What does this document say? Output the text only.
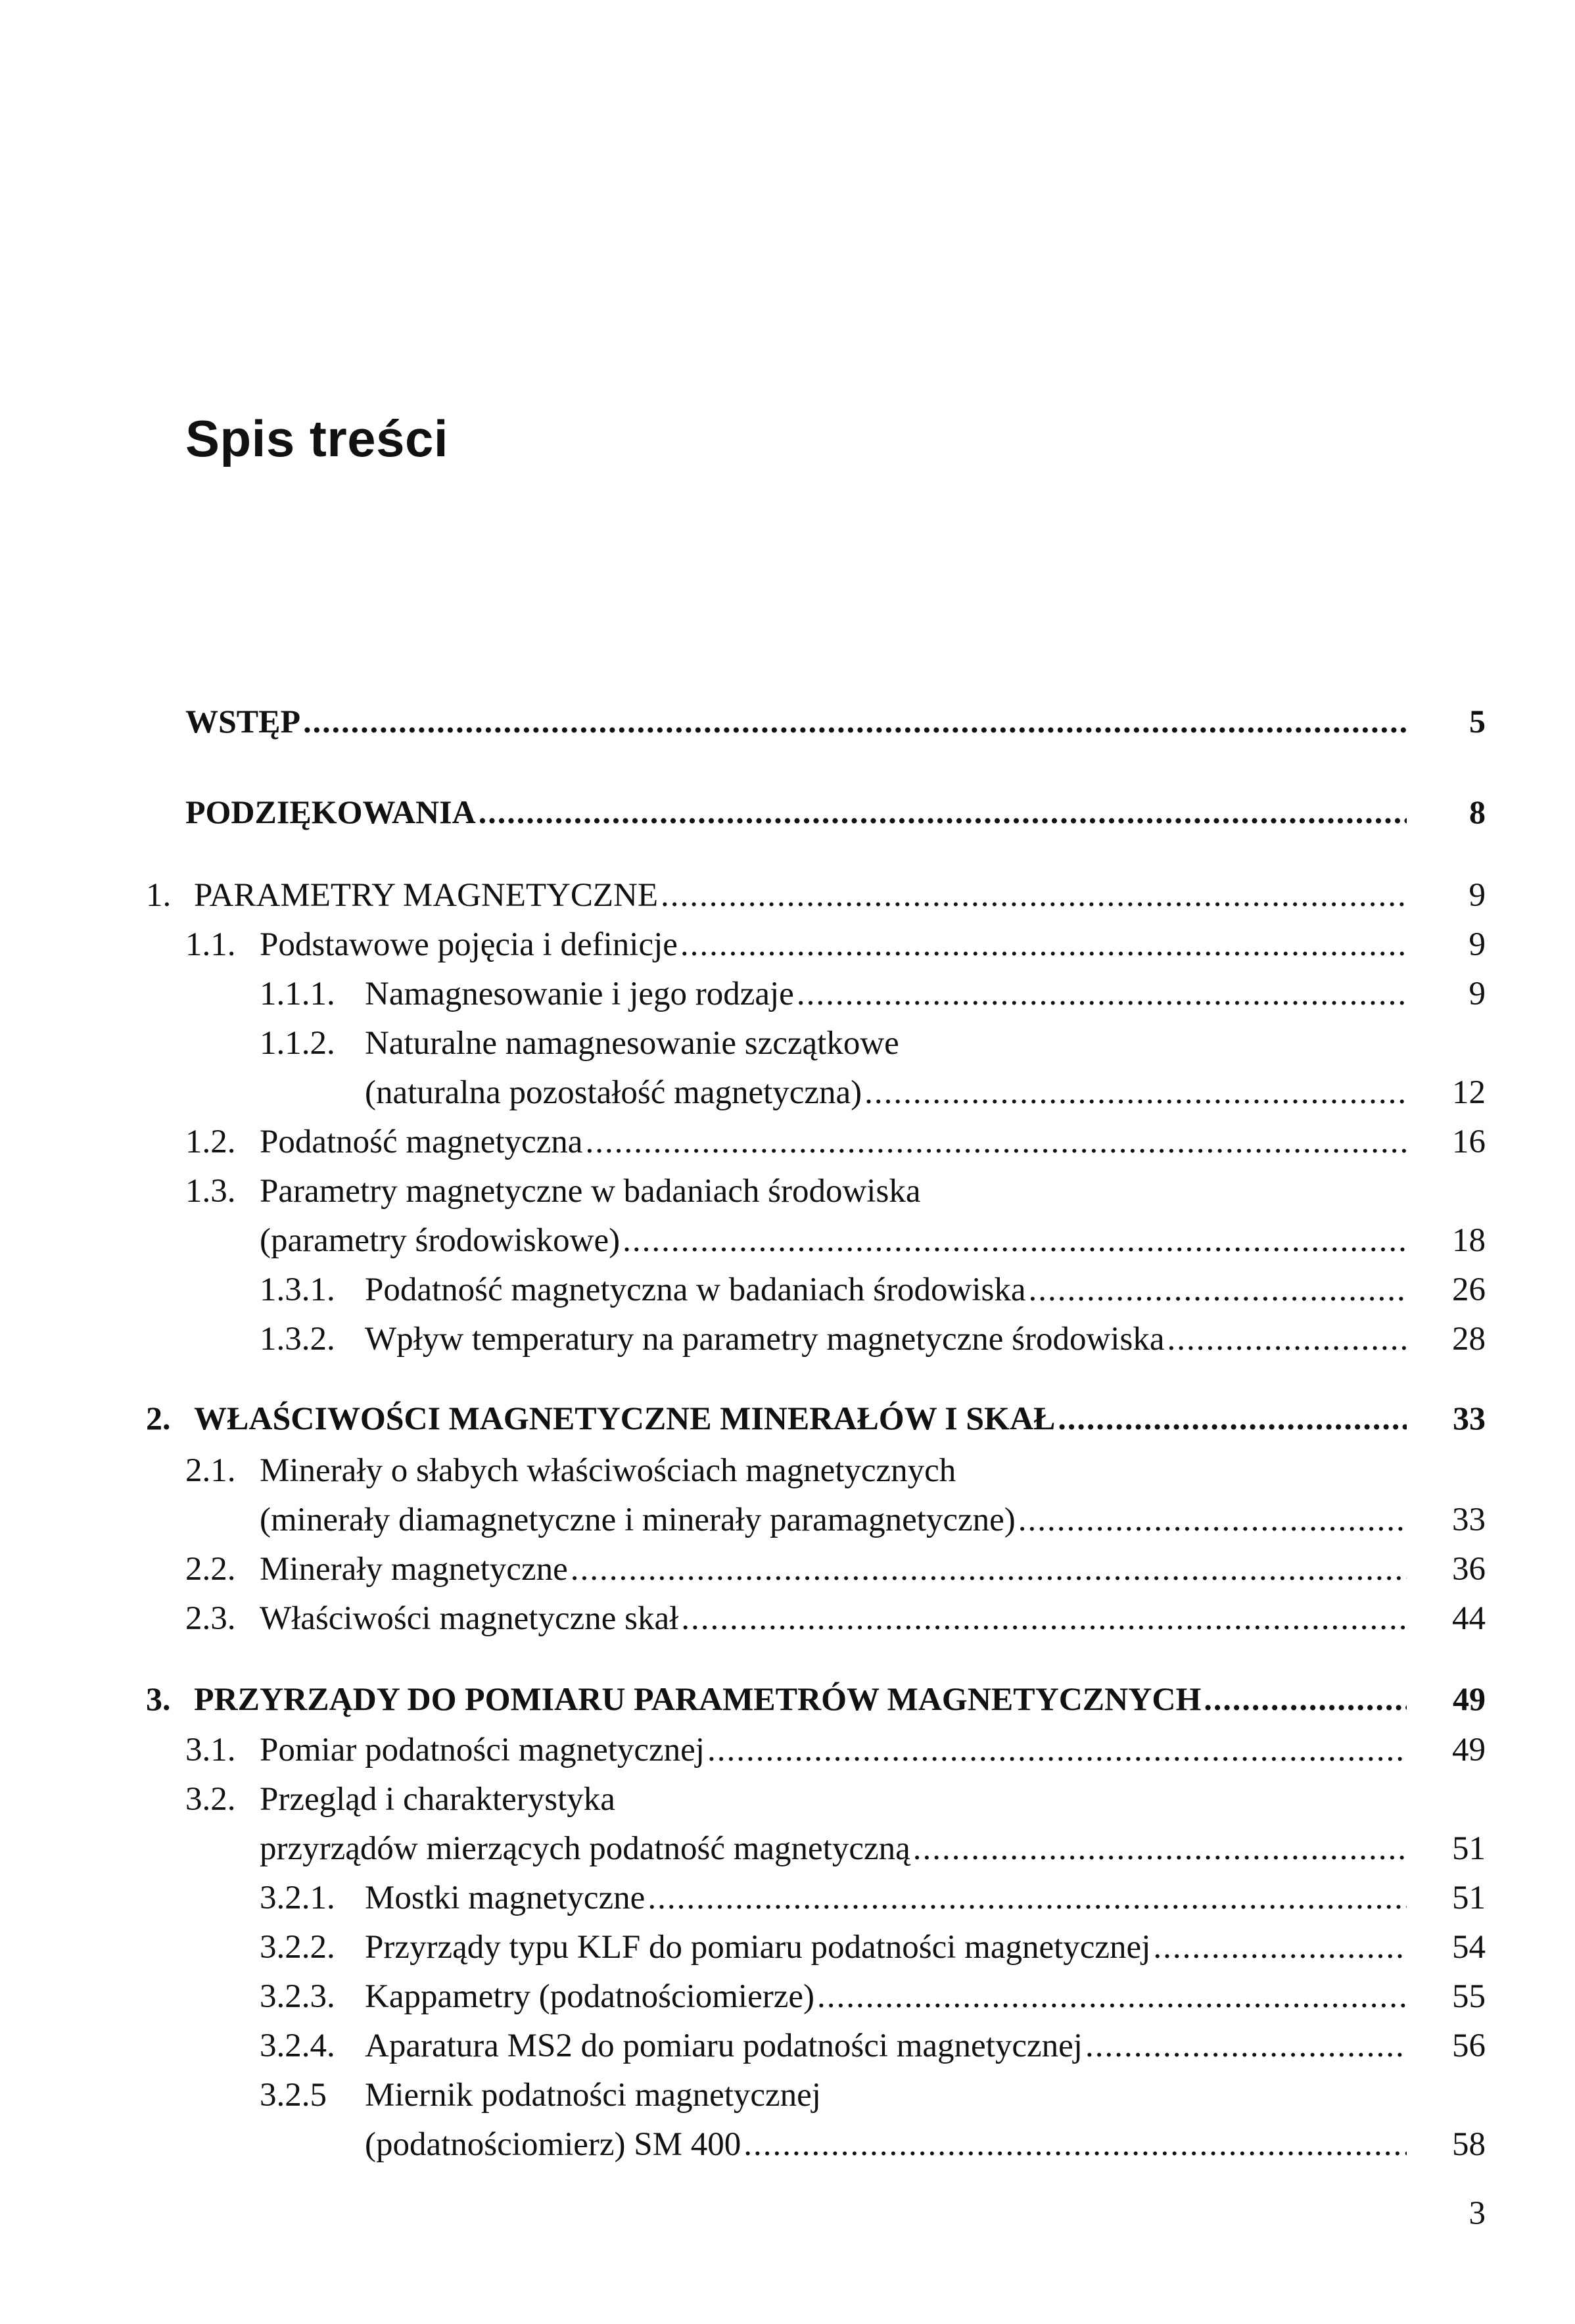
Spis treści
WSTĘP .....	5
PODZIĘKOWANIA .....	8
1. PARAMETRY MAGNETYCZNE .....	9
1.1. Podstawowe pojęcia i definicje .....	9
1.1.1. Namagnesowanie i jego rodzaje .....	9
1.1.2. Naturalne namagnesowanie szczątkowe
(naturalna pozostałość magnetyczna) .....	12
1.2. Podatność magnetyczna .....	16
1.3. Parametry magnetyczne w badaniach środowiska
(parametry środowiskowe) .....	18
1.3.1. Podatność magnetyczna w badaniach środowiska .....	26
1.3.2. Wpływ temperatury na parametry magnetyczne środowiska .....	28
2. WŁAŚCIWOŚCI MAGNETYCZNE MINERAŁÓW I SKAŁ .....	33
2.1. Minerały o słabych właściwościach magnetycznych
(minerały diamagnetyczne i minerały paramagnetyczne) .....	33
2.2. Minerały magnetyczne .....	36
2.3. Właściwości magnetyczne skał .....	44
3. PRZYRZĄDY DO POMIARU PARAMETRÓW MAGNETYCZNYCH .....	49
3.1. Pomiar podatności magnetycznej .....	49
3.2. Przegląd i charakterystyka
przyrządów mierzących podatność magnetyczną .....	51
3.2.1. Mostki magnetyczne .....	51
3.2.2. Przyrządy typu KLF do pomiaru podatności magnetycznej .....	54
3.2.3. Kappametry (podatnościomierze) .....	55
3.2.4. Aparatura MS2 do pomiaru podatności magnetycznej .....	56
3.2.5 Miernik podatności magnetycznej
(podatnościomierz) SM 400 .....	58
3
